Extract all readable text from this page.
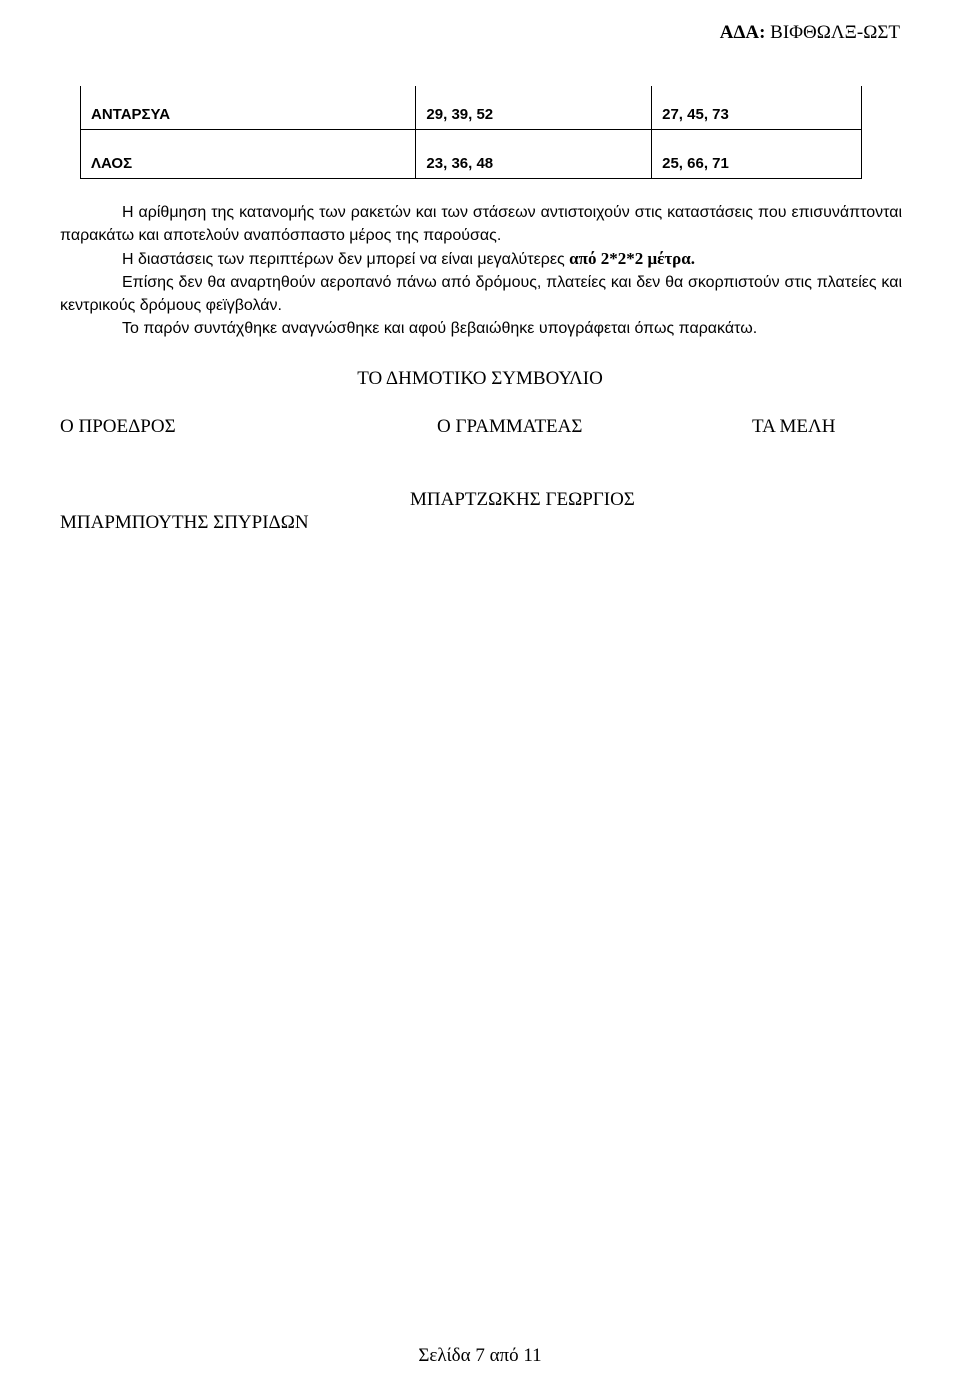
ΑΔΑ: ΒΙΦΘΩΛΞ-ΩΣΤ
ΑΝΤΑΡΣΥΑ	29, 39, 52	27, 45, 73
ΛΑΟΣ	23, 36, 48	25, 66, 71
Η αρίθμηση της κατανομής των ρακετών και των στάσεων αντιστοιχούν στις καταστάσεις που επισυνάπτονται παρακάτω και αποτελούν αναπόσπαστο μέρος της παρούσας.
Η διαστάσεις των περιπτέρων δεν μπορεί να είναι μεγαλύτερες από 2*2*2 μέτρα.
Επίσης δεν θα αναρτηθούν αεροπανό πάνω από δρόμους, πλατείες και δεν θα σκορπιστούν στις πλατείες και κεντρικούς δρόμους φεϊγβολάν.
Το παρόν συντάχθηκε αναγνώσθηκε και αφού βεβαιώθηκε υπογράφεται όπως παρακάτω.
ΤΟ ΔΗΜΟΤΙΚΟ ΣΥΜΒΟΥΛΙΟ
Ο ΠΡΟΕΔΡΟΣ	Ο ΓΡΑΜΜΑΤΕΑΣ	ΤΑ ΜΕΛΗ
ΜΠΑΡΜΠΟΥΤΗΣ ΣΠΥΡΙΔΩΝ
ΜΠΑΡΤΖΩΚΗΣ ΓΕΩΡΓΙΟΣ
Σελίδα 7 από 11
